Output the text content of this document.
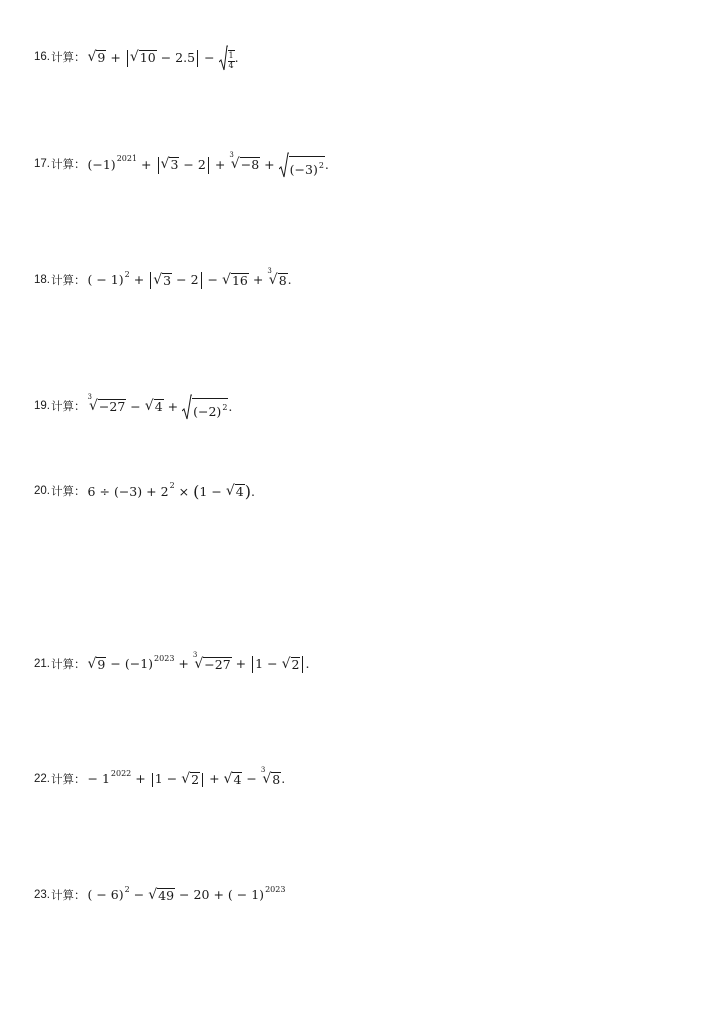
16. 计算： √ 9 + √ $10 - 2.5 - \frac{1}{4}$ .
17. 计算： $(-1)^{2021}$ + √ 3 − 2 +
3
√ $-8 + (-3)^2$ .
18. 计算： ( − 1)$^2$ + √ 3 − 2 − √ 16 +
3
√ 8 .
19. 计算：
3
√ −27 − √ $4 + (-2)^2$ .
20. 计算： $6 \div (-3) + 2^2$ × ( 1 − √ 4 ) .
21. 计算： √ $9 - (-1)^{2023}$ +
3
√ −27 + 1 − √ 2 .
22. 计算： − $1^{2022} + 1$ − √ 2 + √ 4 −
3
√ 8 .
23. 计算： ( − 6)$^2$ − √ 49 − 20 + ( − 1)$^{2023}$
